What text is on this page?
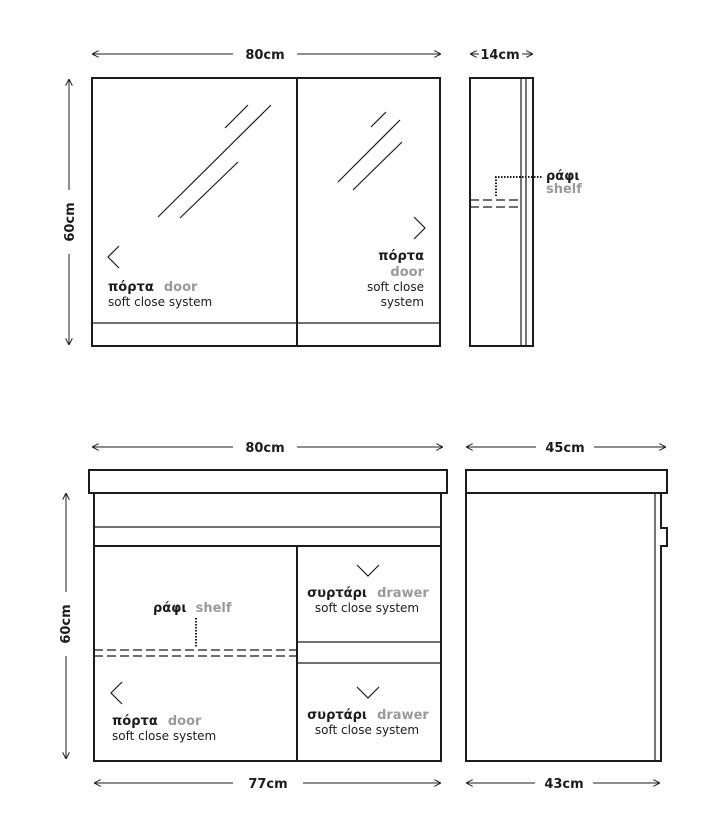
80cm
60cm
πόρτα door
soft close system
πόρτα
door
soft close
system
14cm
ράφι
shelf
80cm
60cm	ράφι shelf
πόρτα door
soft close system
συρτάρι drawer
soft close system
συρτάρι drawer
soft close system
77cm
45cm
43cm
